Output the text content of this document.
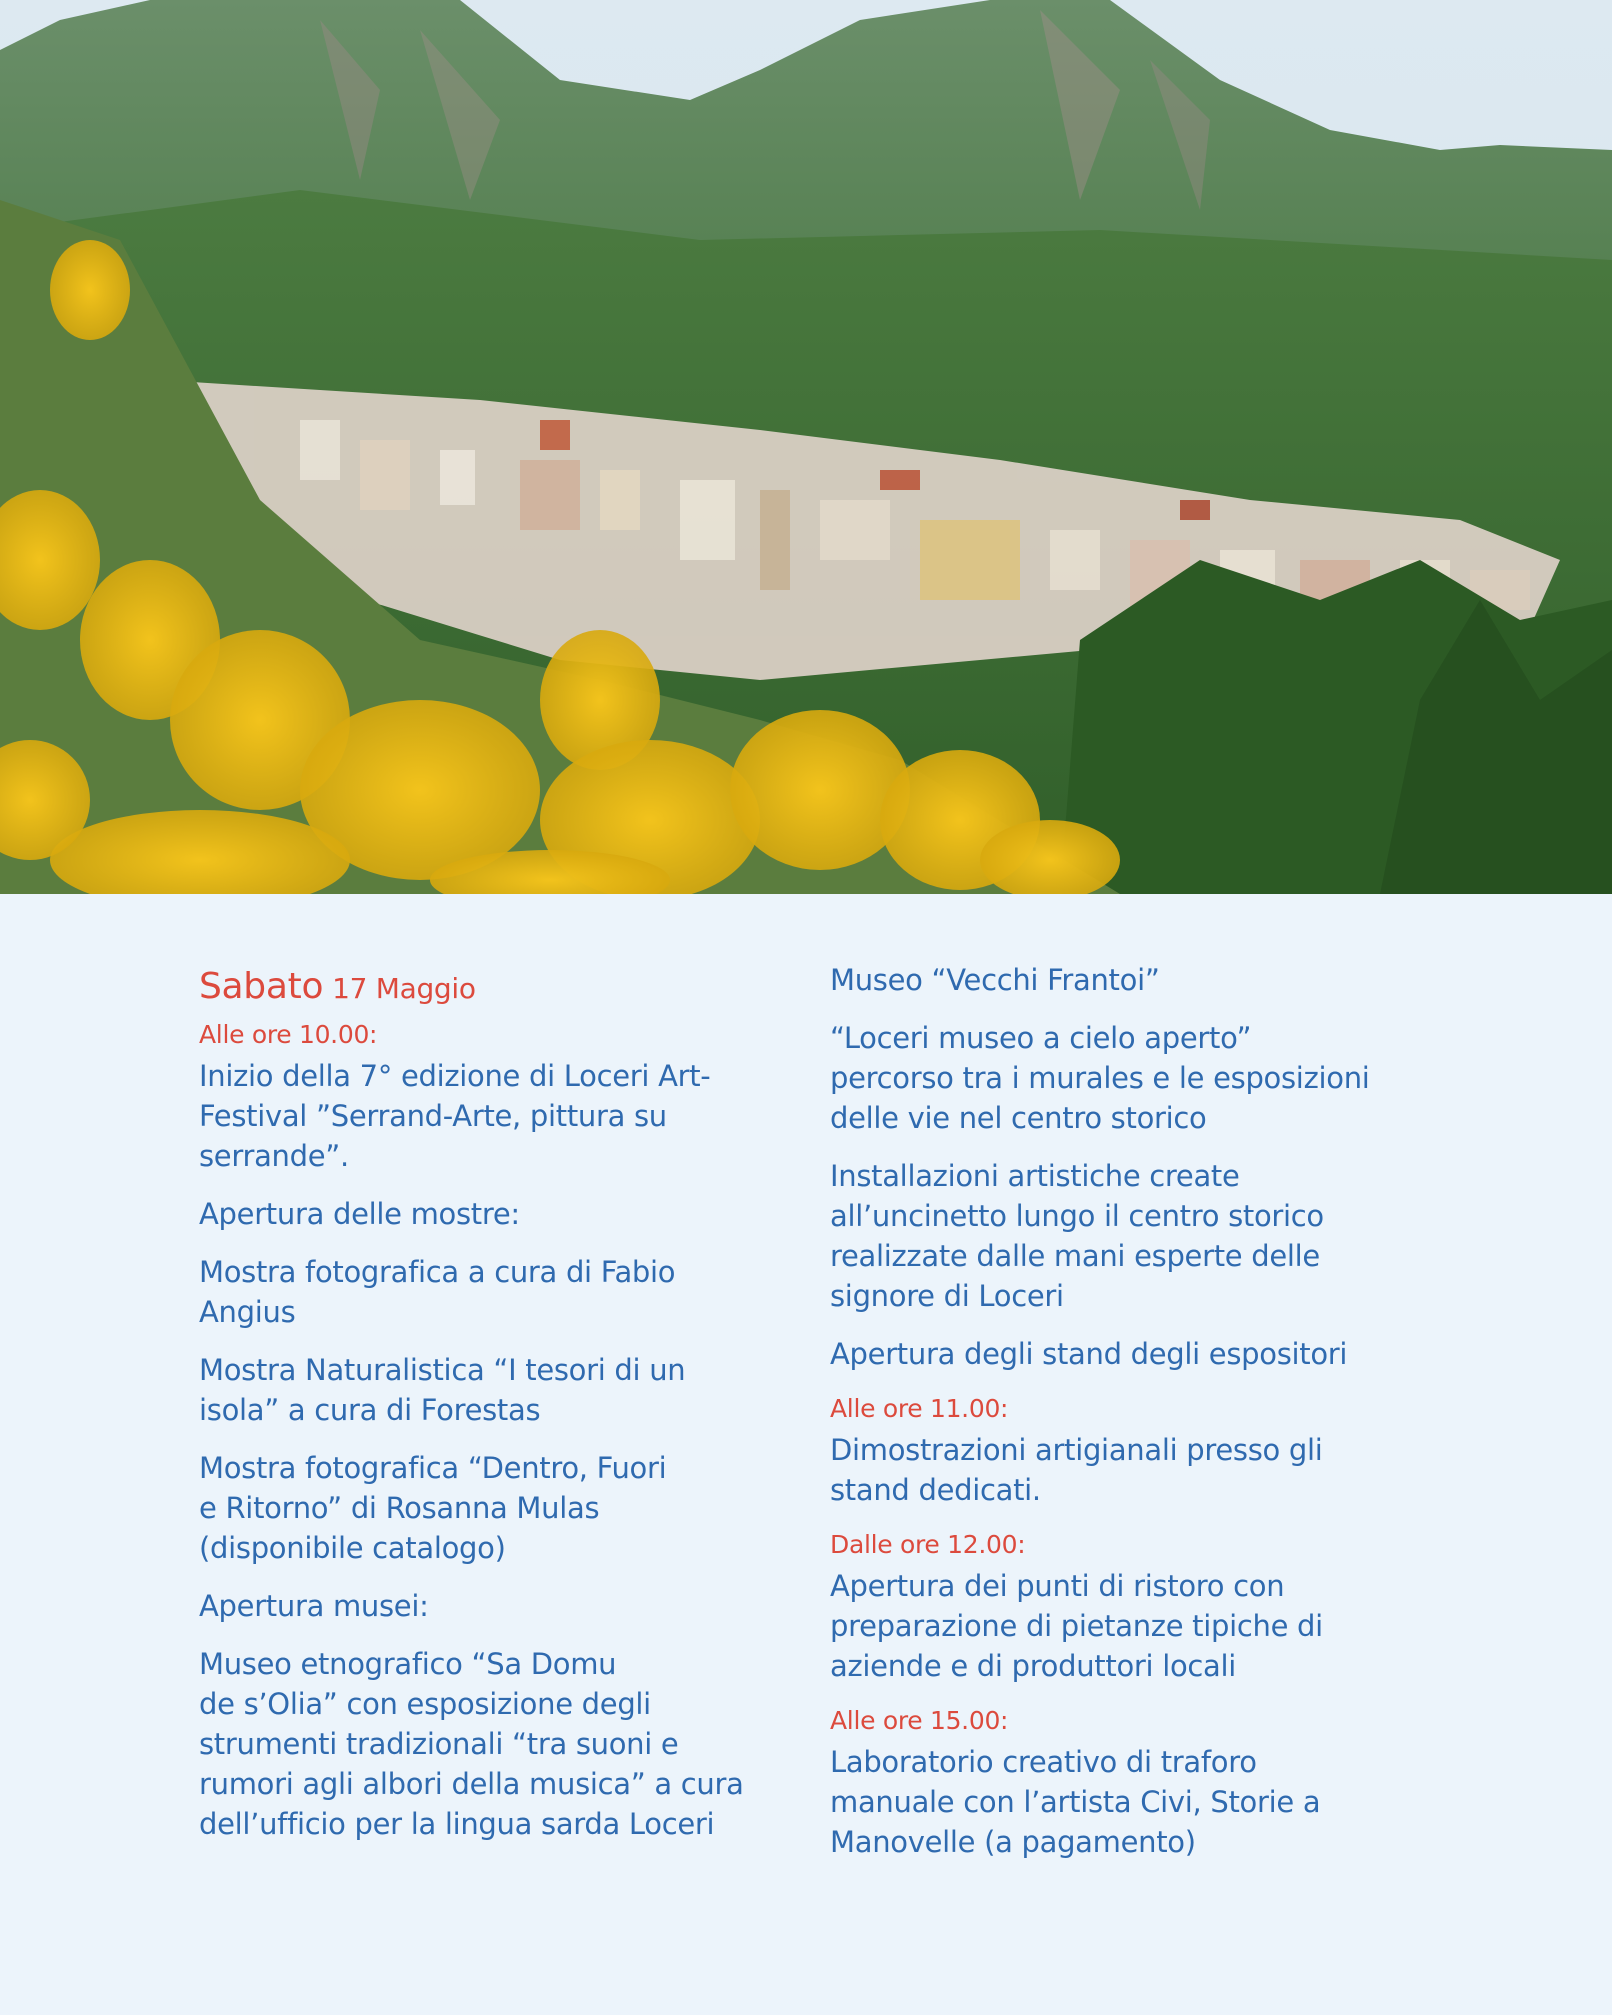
Sabato 17 Maggio
Alle ore 10.00:
Inizio della 7° edizione di Loceri Art-
Festival ”Serrand-Arte, pittura su
serrande”.
Apertura delle mostre:
Mostra fotografica a cura di Fabio
Angius
Mostra Naturalistica “I tesori di un
isola” a cura di Forestas
Mostra fotografica “Dentro, Fuori
e Ritorno” di Rosanna Mulas
(disponibile catalogo)
Apertura musei:
Museo etnografico “Sa Domu
de s’Olia” con esposizione degli
strumenti tradizionali “tra suoni e
rumori agli albori della musica” a cura
dell’ufficio per la lingua sarda Loceri
Museo “Vecchi Frantoi”
“Loceri museo a cielo aperto”
percorso tra i murales e le esposizioni
delle vie nel centro storico
Installazioni artistiche create
all’uncinetto lungo il centro storico
realizzate dalle mani esperte delle
signore di Loceri
Apertura degli stand degli espositori
Alle ore 11.00:
Dimostrazioni artigianali presso gli
stand dedicati.
Dalle ore 12.00:
Apertura dei punti di ristoro con
preparazione di pietanze tipiche di
aziende e di produttori locali
Alle ore 15.00:
Laboratorio creativo di traforo
manuale con l’artista Civi, Storie a
Manovelle (a pagamento)
